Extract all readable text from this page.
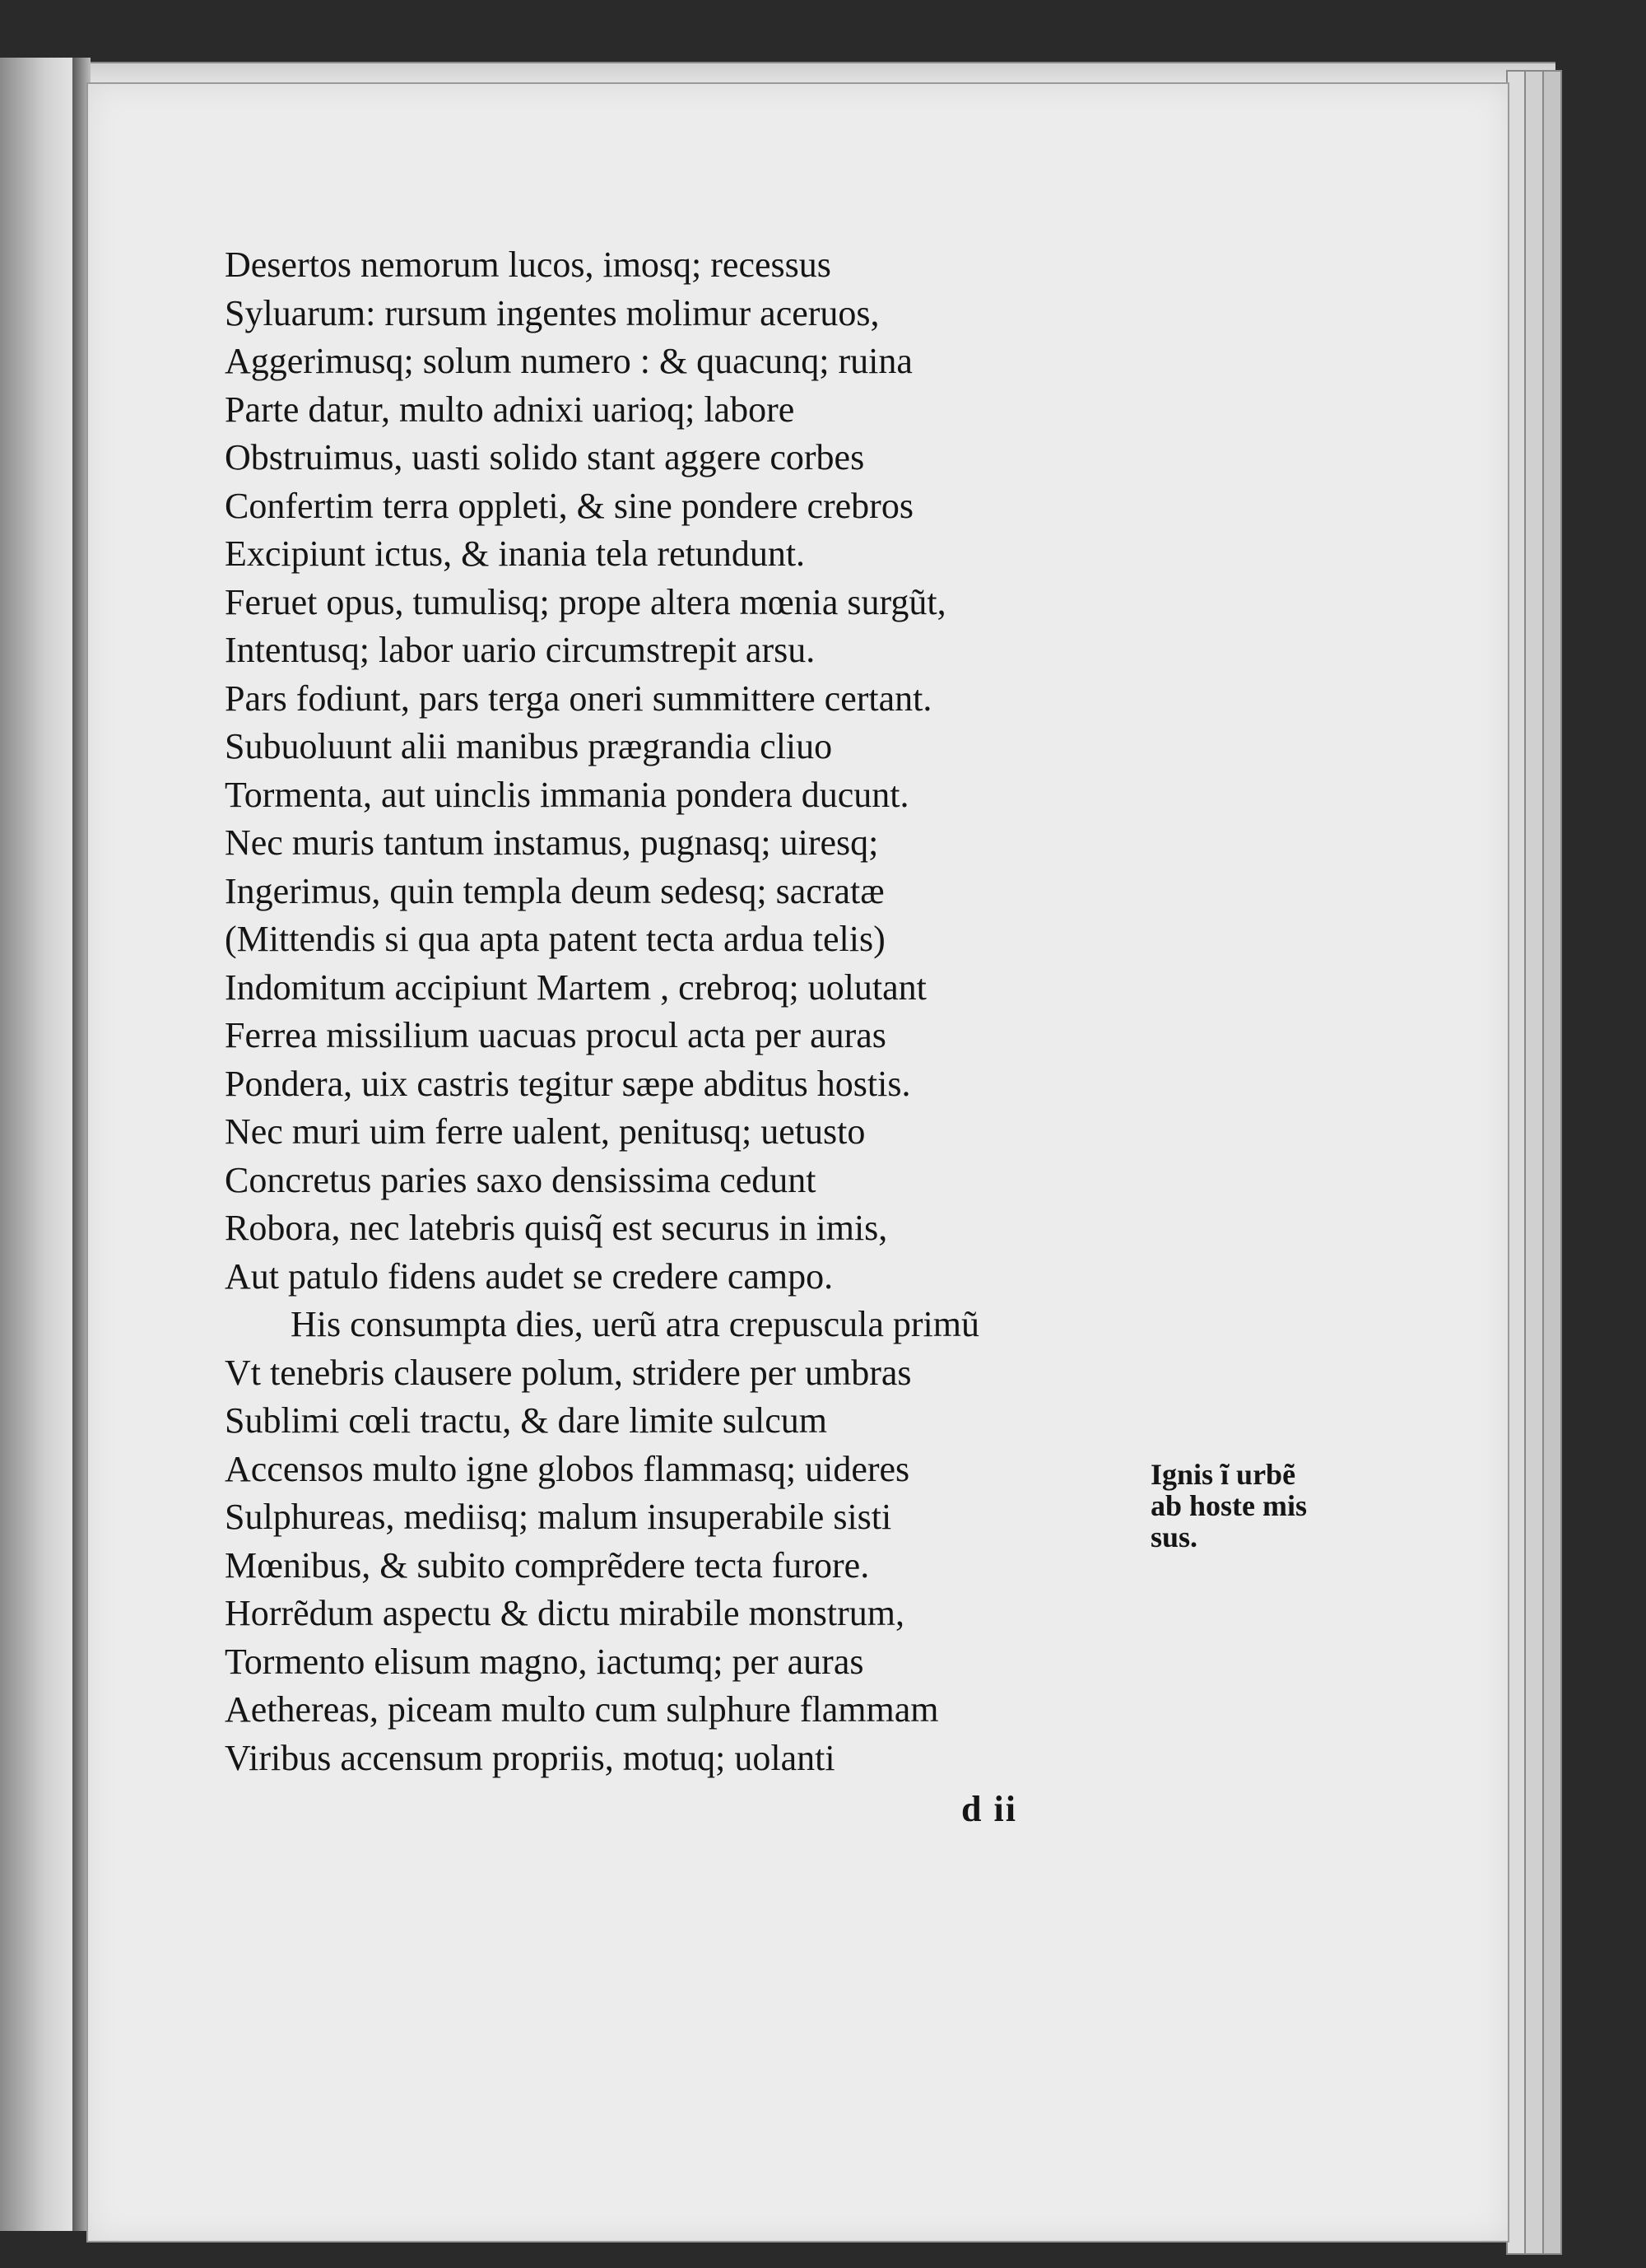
Desertos nemorum lucos, imosq; recessus
Syluarum: rursum ingentes molimur aceruos,
Aggerimusq; solum numero : & quacunq; ruina
Parte datur, multo adnixi uarioq; labore
Obstruimus, uasti solido stant aggere corbes
Confertim terra oppleti, & sine pondere crebros
Excipiunt ictus, & inania tela retundunt.
Feruet opus, tumulisq; prope altera mœnia surgũt,
Intentusq; labor uario circumstrepit arsu.
Pars fodiunt, pars terga oneri summittere certant.
Subuoluunt alii manibus prægrandia cliuo
Tormenta, aut uinclis immania pondera ducunt.
Nec muris tantum instamus, pugnasq; uiresq;
Ingerimus, quin templa deum sedesq; sacratæ
(Mittendis si qua apta patent tecta ardua telis)
Indomitum accipiunt Martem , crebroq; uolutant
Ferrea missilium uacuas procul acta per auras
Pondera, uix castris tegitur sæpe abditus hostis.
Nec muri uim ferre ualent, penitusq; uetusto
Concretus paries saxo densissima cedunt
Robora, nec latebris quisq̃ est securus in imis,
Aut patulo fidens audet se credere campo.
His consumpta dies, uerũ atra crepuscula primũ
Vt tenebris clausere polum, stridere per umbras
Sublimi cœli tractu, & dare limite sulcum
Accensos multo igne globos flammasq; uideres
Sulphureas, mediisq; malum insuperabile sisti
Mœnibus, & subito comprẽdere tecta furore.
Horrẽdum aspectu & dictu mirabile monstrum,
Tormento elisum magno, iactumq; per auras
Aethereas, piceam multo cum sulphure flammam
Viribus accensum propriis, motuq; uolanti
Ignis ĩ urbẽ
ab hoste mis
sus.
d ii
